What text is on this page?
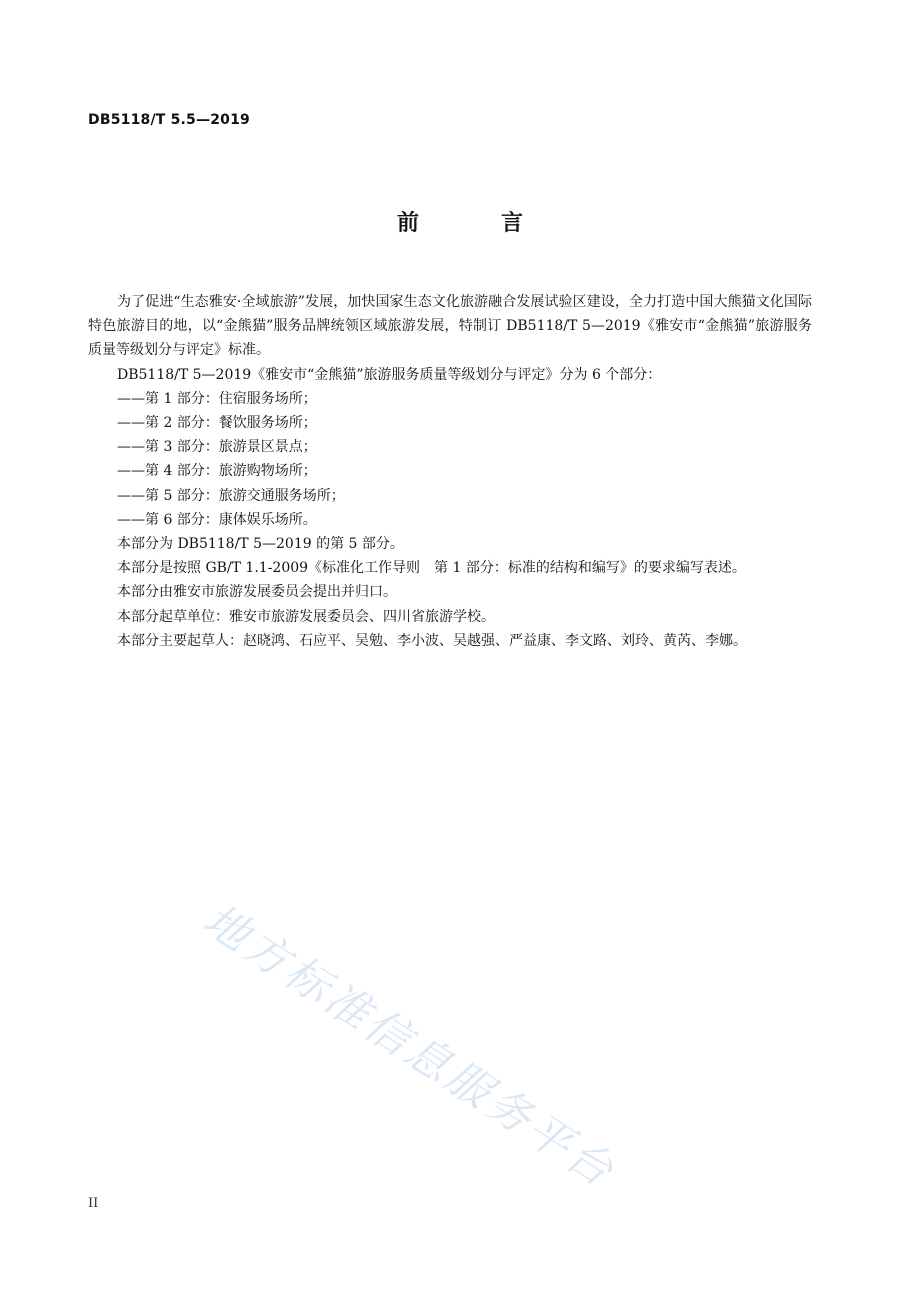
DB5118/T 5.5—2019
前　言

为了促进“生态雅安·全域旅游”发展，加快国家生态文化旅游融合发展试验区建设，全力打造中国大熊猫文化国际特色旅游目的地，以“金熊猫”服务品牌统领区域旅游发展，特制订 DB5118/T 5—2019《雅安市“金熊猫”旅游服务质量等级划分与评定》标准。

DB5118/T 5—2019《雅安市“金熊猫”旅游服务质量等级划分与评定》分为 6 个部分：

——第 1 部分：住宿服务场所；

——第 2 部分：餐饮服务场所；

——第 3 部分：旅游景区景点；

——第 4 部分：旅游购物场所；

——第 5 部分：旅游交通服务场所；

——第 6 部分：康体娱乐场所。

本部分为 DB5118/T 5—2019 的第 5 部分。

本部分是按照 GB/T 1.1-2009《标准化工作导则　第 1 部分：标准的结构和编写》的要求编写表述。

本部分由雅安市旅游发展委员会提出并归口。

本部分起草单位：雅安市旅游发展委员会、四川省旅游学校。

本部分主要起草人：赵晓鸿、石应平、吴勉、李小波、吴越强、严益康、李文路、刘玲、黄芮、李娜。

地方标准信息服务平台
II
